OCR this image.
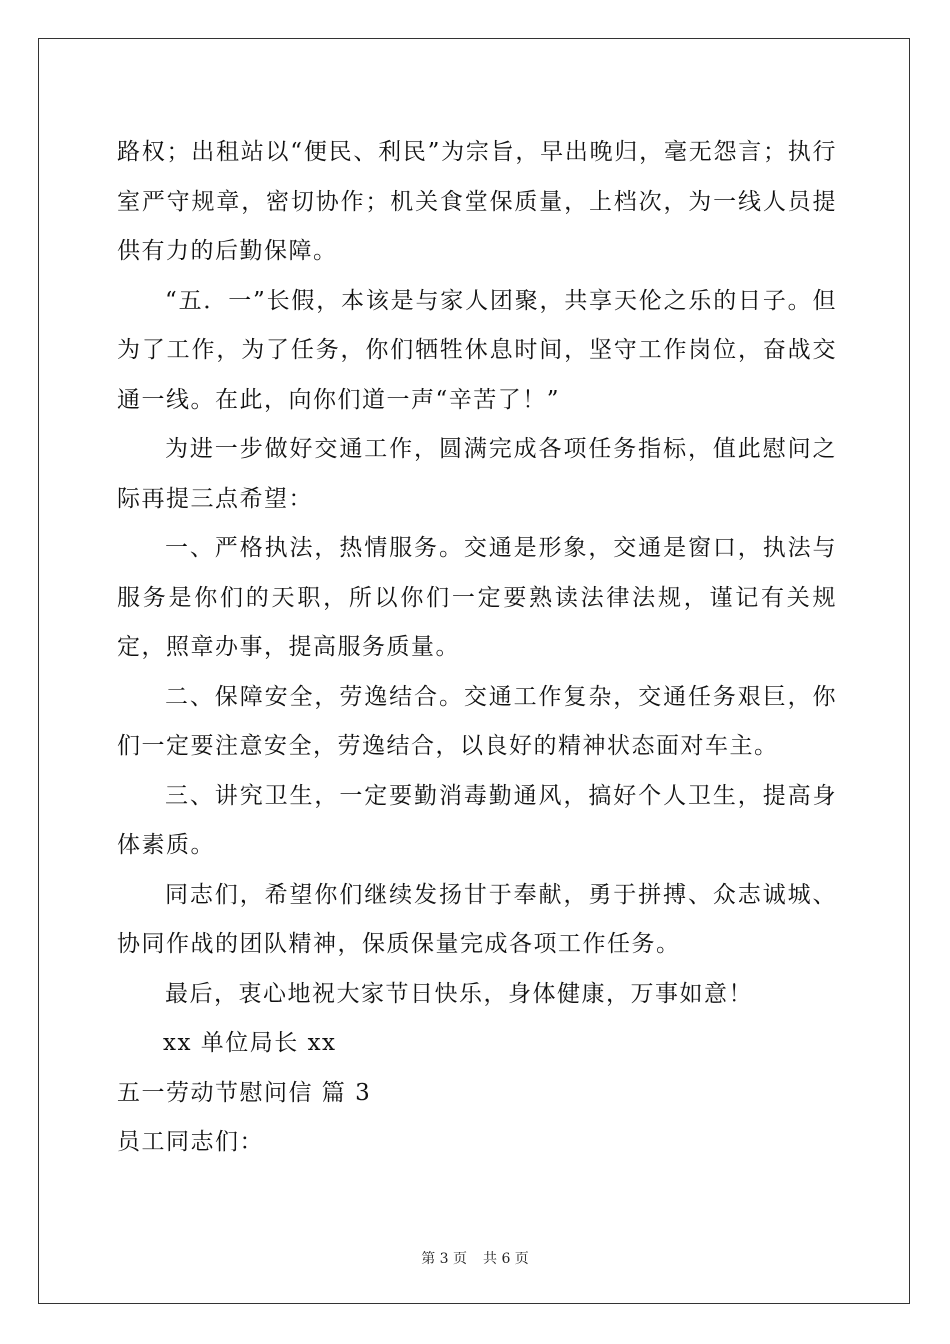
路权；出租站以“便民、利民”为宗旨，早出晚归，毫无怨言；执行室严守规章，密切协作；机关食堂保质量，上档次，为一线人员提供有力的后勤保障。

“五．一”长假，本该是与家人团聚，共享天伦之乐的日子。但为了工作，为了任务，你们牺牲休息时间，坚守工作岗位，奋战交通一线。在此，向你们道一声“辛苦了！”

为进一步做好交通工作，圆满完成各项任务指标，值此慰问之际再提三点希望：

一、严格执法，热情服务。交通是形象，交通是窗口，执法与服务是你们的天职，所以你们一定要熟读法律法规，谨记有关规定，照章办事，提高服务质量。

二、保障安全，劳逸结合。交通工作复杂，交通任务艰巨，你们一定要注意安全，劳逸结合，以良好的精神状态面对车主。

三、讲究卫生，一定要勤消毒勤通风，搞好个人卫生，提高身体素质。

同志们，希望你们继续发扬甘于奉献，勇于拼搏、众志诚城、协同作战的团队精神，保质保量完成各项工作任务。

最后，衷心地祝大家节日快乐，身体健康，万事如意！

xx 单位局长 xx

五一劳动节慰问信 篇 3

员工同志们：

第 3 页 共 6 页
